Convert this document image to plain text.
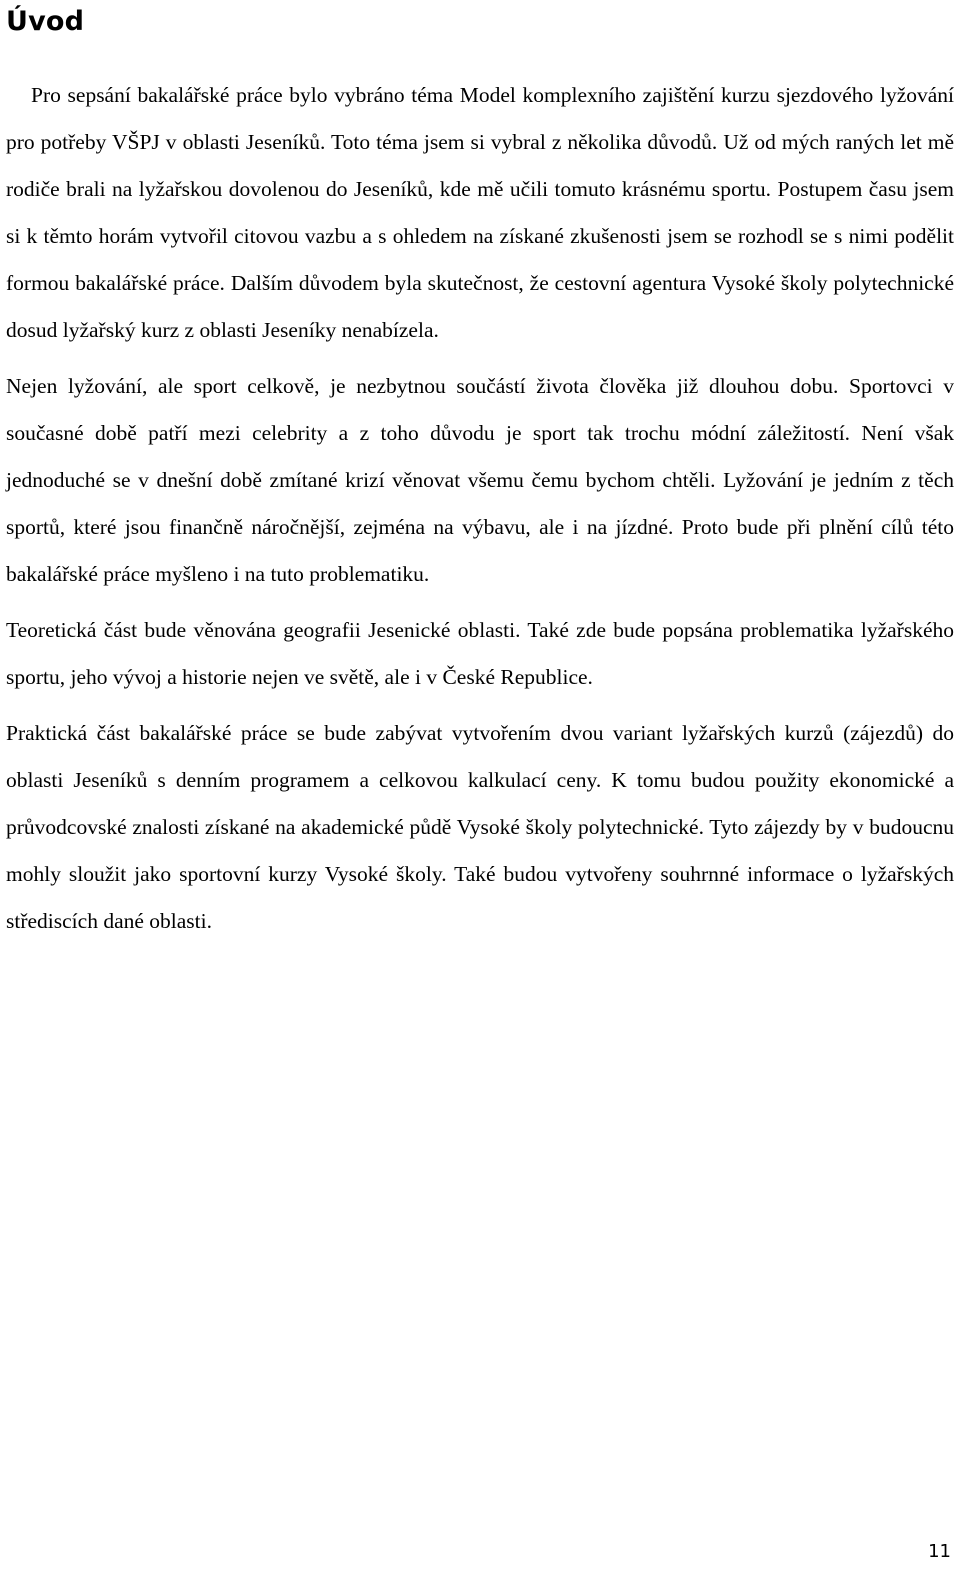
Úvod

Pro sepsání bakalářské práce bylo vybráno téma Model komplexního zajištění kurzu sjezdového lyžování pro potřeby VŠPJ v oblasti Jeseníků. Toto téma jsem si vybral z několika důvodů. Už od mých raných let mě rodiče brali na lyžařskou dovolenou do Jeseníků, kde mě učili tomuto krásnému sportu. Postupem času jsem si k těmto horám vytvořil citovou vazbu a s ohledem na získané zkušenosti jsem se rozhodl se s nimi podělit formou bakalářské práce. Dalším důvodem byla skutečnost, že cestovní agentura Vysoké školy polytechnické dosud lyžařský kurz z oblasti Jeseníky nenabízela.

Nejen lyžování, ale sport celkově, je nezbytnou součástí života člověka již dlouhou dobu. Sportovci v současné době patří mezi celebrity a z toho důvodu je sport tak trochu módní záležitostí. Není však jednoduché se v dnešní době zmítané krizí věnovat všemu čemu bychom chtěli. Lyžování je jedním z těch sportů, které jsou finančně náročnější, zejména na výbavu, ale i na jízdné. Proto bude při plnění cílů této bakalářské práce myšleno i na tuto problematiku.

Teoretická část bude věnována geografii Jesenické oblasti. Také zde bude popsána problematika lyžařského sportu, jeho vývoj a historie nejen ve světě, ale i v České Republice.

Praktická část bakalářské práce se bude zabývat vytvořením dvou variant lyžařských kurzů (zájezdů) do oblasti Jeseníků s denním programem a celkovou kalkulací ceny. K tomu budou použity ekonomické a průvodcovské znalosti získané na akademické půdě Vysoké školy polytechnické. Tyto zájezdy by v budoucnu mohly sloužit jako sportovní kurzy Vysoké školy. Také budou vytvořeny souhrnné informace o lyžařských střediscích dané oblasti.

11
